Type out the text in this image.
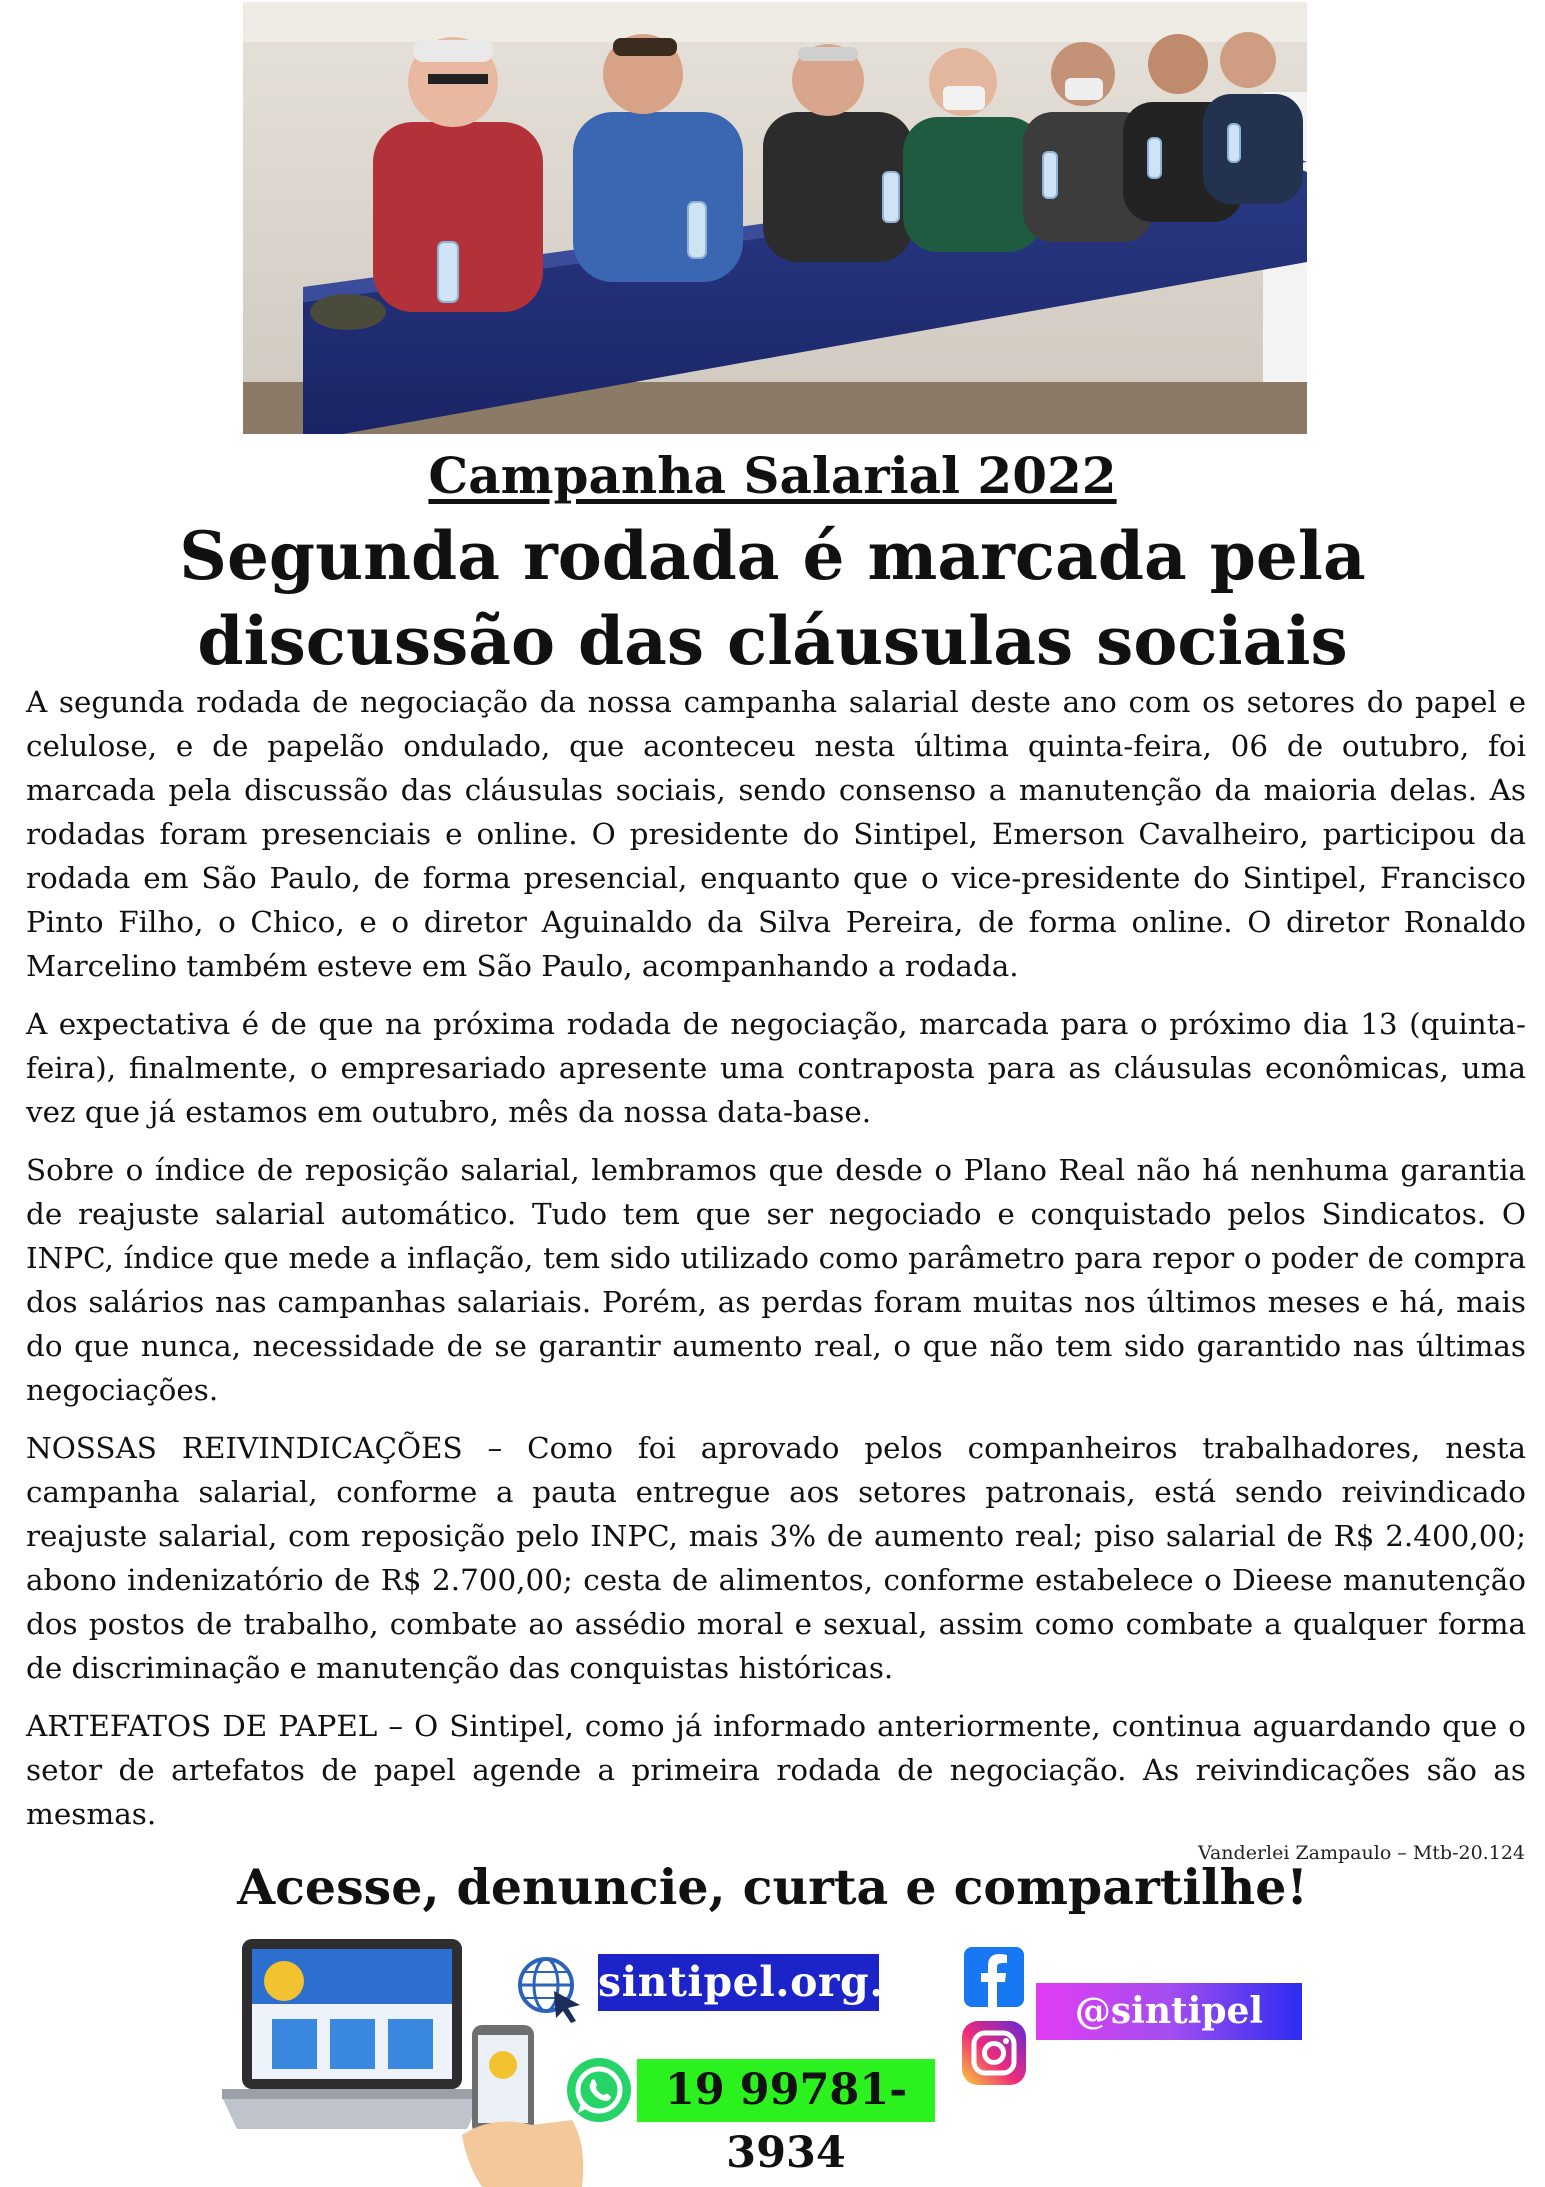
Campanha Salarial 2022
Segunda rodada é marcada pela
discussão das cláusulas sociais

A segunda rodada de negociação da nossa campanha salarial deste ano com os setores do papel e celulose, e de papelão ondulado, que aconteceu nesta última quinta-feira, 06 de outubro, foi marcada pela discussão das cláusulas sociais, sendo consenso a manutenção da maioria delas. As rodadas foram presenciais e online. O presidente do Sintipel, Emerson Cavalheiro, participou da rodada em São Paulo, de forma presencial, enquanto que o vice-presidente do Sintipel, Francisco Pinto Filho, o Chico, e o diretor Aguinaldo da Silva Pereira, de forma online. O diretor Ronaldo Marcelino também esteve em São Paulo, acompanhando a rodada.

A expectativa é de que na próxima rodada de negociação, marcada para o próximo dia 13 (quinta-feira), finalmente, o empresariado apresente uma contraposta para as cláusulas econômicas, uma vez que já estamos em outubro, mês da nossa data-base.

Sobre o índice de reposição salarial, lembramos que desde o Plano Real não há nenhuma garantia de reajuste salarial automático. Tudo tem que ser negociado e conquistado pelos Sindicatos. O INPC, índice que mede a inflação, tem sido utilizado como parâmetro para repor o poder de compra dos salários nas campanhas salariais. Porém, as perdas foram muitas nos últimos meses e há, mais do que nunca, necessidade de se garantir aumento real, o que não tem sido garantido nas últimas negociações.

NOSSAS REIVINDICAÇÕES – Como foi aprovado pelos companheiros trabalhadores, nesta campanha salarial, conforme a pauta entregue aos setores patronais, está sendo reivindicado reajuste salarial, com reposição pelo INPC, mais 3% de aumento real; piso salarial de R$ 2.400,00; abono indenizatório de R$ 2.700,00; cesta de alimentos, conforme estabelece o Dieese manutenção dos postos de trabalho, combate ao assédio moral e sexual, assim como combate a qualquer forma de discriminação e manutenção das conquistas históricas.

ARTEFATOS DE PAPEL – O Sintipel, como já informado anteriormente, continua aguardando que o setor de artefatos de papel agende a primeira rodada de negociação. As reivindicações são as mesmas.

Vanderlei Zampaulo – Mtb-20.124
Acesse, denuncie, curta e compartilhe!
sintipel.org.br
19 99781-3934
@sintipel
